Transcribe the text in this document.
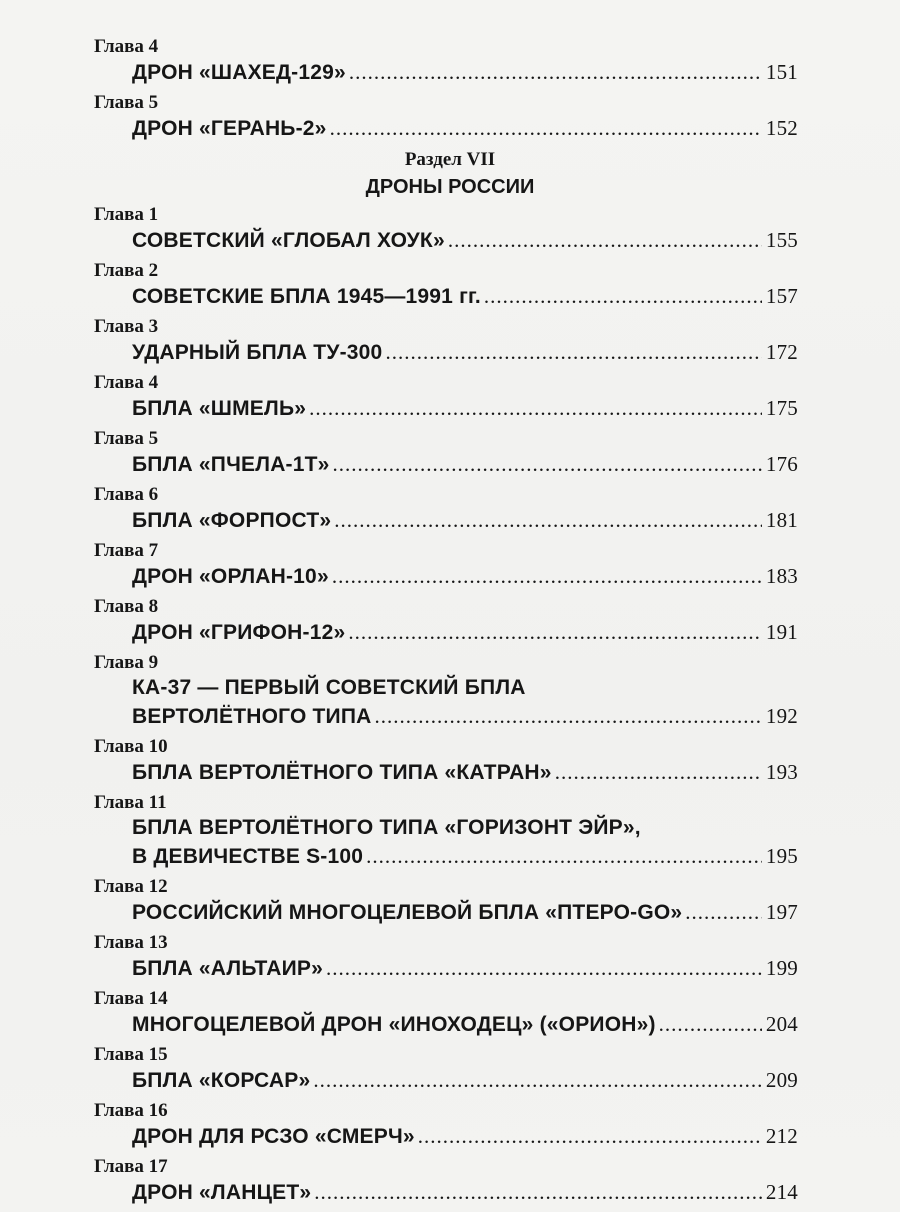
Глава 4
ДРОН «ШАХЕД-129» .....	151
Глава 5
ДРОН «ГЕРАНЬ-2» .....	152
Раздел VII
ДРОНЫ РОССИИ
Глава 1
СОВЕТСКИЙ «ГЛОБАЛ ХОУК» .....	155
Глава 2
СОВЕТСКИЕ БПЛА 1945—1991 гг. .....	157
Глава 3
УДАРНЫЙ БПЛА ТУ-300 .....	172
Глава 4
БПЛА «ШМЕЛЬ» .....	175
Глава 5
БПЛА «ПЧЕЛА-1Т» .....	176
Глава 6
БПЛА «ФОРПОСТ» .....	181
Глава 7
ДРОН «ОРЛАН-10» .....	183
Глава 8
ДРОН «ГРИФОН-12» .....	191
Глава 9
КА-37 — ПЕРВЫЙ СОВЕТСКИЙ БПЛА
ВЕРТОЛЁТНОГО ТИПА .....	192
Глава 10
БПЛА ВЕРТОЛЁТНОГО ТИПА «КАТРАН» .....	193
Глава 11
БПЛА ВЕРТОЛЁТНОГО ТИПА «ГОРИЗОНТ ЭЙР»,
В ДЕВИЧЕСТВЕ S-100 .....	195
Глава 12
РОССИЙСКИЙ МНОГОЦЕЛЕВОЙ БПЛА «ПТЕРО-GO» .....	197
Глава 13
БПЛА «АЛЬТАИР» .....	199
Глава 14
МНОГОЦЕЛЕВОЙ ДРОН «ИНОХОДЕЦ» («ОРИОН») .....	204
Глава 15
БПЛА «КОРСАР» .....	209
Глава 16
ДРОН ДЛЯ РСЗО «СМЕРЧ» .....	212
Глава 17
ДРОН «ЛАНЦЕТ» .....	214
